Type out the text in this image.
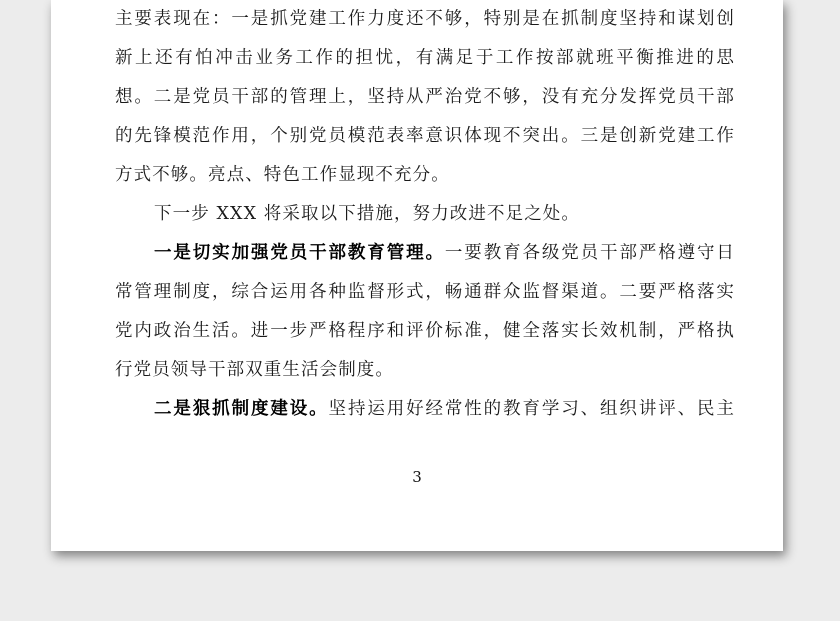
主要表现在：一是抓党建工作力度还不够，特别是在抓制度坚持和谋划创
新上还有怕冲击业务工作的担忧，有满足于工作按部就班平衡推进的思
想。二是党员干部的管理上，坚持从严治党不够，没有充分发挥党员干部
的先锋模范作用，个别党员模范表率意识体现不突出。三是创新党建工作
方式不够。亮点、特色工作显现不充分。
下一步 XXX 将采取以下措施，努力改进不足之处。
一是切实加强党员干部教育管理。一要教育各级党员干部严格遵守日
常管理制度，综合运用各种监督形式，畅通群众监督渠道。二要严格落实
党内政治生活。进一步严格程序和评价标准，健全落实长效机制，严格执
行党员领导干部双重生活会制度。
二是狠抓制度建设。坚持运用好经常性的教育学习、组织讲评、民主
3
